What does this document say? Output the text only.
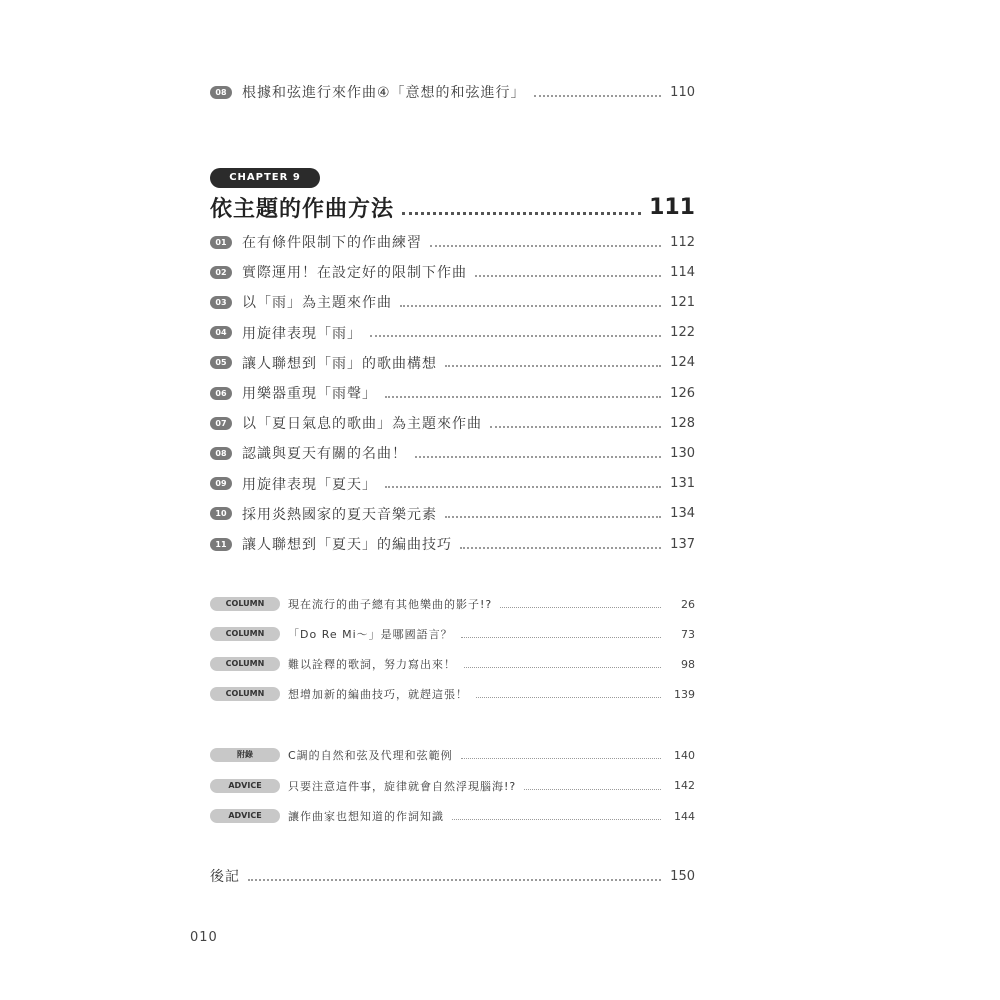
08	根據和弦進行來作曲④「意想的和弦進行」	110
CHAPTER 9
依主題的作曲方法	111
01	在有條件限制下的作曲練習	112
02	實際運用！在設定好的限制下作曲	114
03	以「雨」為主題來作曲	121
04	用旋律表現「雨」	122
05	讓人聯想到「雨」的歌曲構想	124
06	用樂器重現「雨聲」	126
07	以「夏日氣息的歌曲」為主題來作曲	128
08	認識與夏天有關的名曲！	130
09	用旋律表現「夏天」	131
10	採用炎熱國家的夏天音樂元素	134
11	讓人聯想到「夏天」的編曲技巧	137
COLUMN	現在流行的曲子總有其他樂曲的影子!?	26
COLUMN	「Do Re Mi～」是哪國語言？	73
COLUMN	難以詮釋的歌詞，努力寫出來！	98
COLUMN	想增加新的編曲技巧，就趕這張！	139
附錄	C調的自然和弦及代理和弦範例	140
ADVICE	只要注意這件事，旋律就會自然浮現腦海!?	142
ADVICE	讓作曲家也想知道的作詞知識	144
後記	150
010
